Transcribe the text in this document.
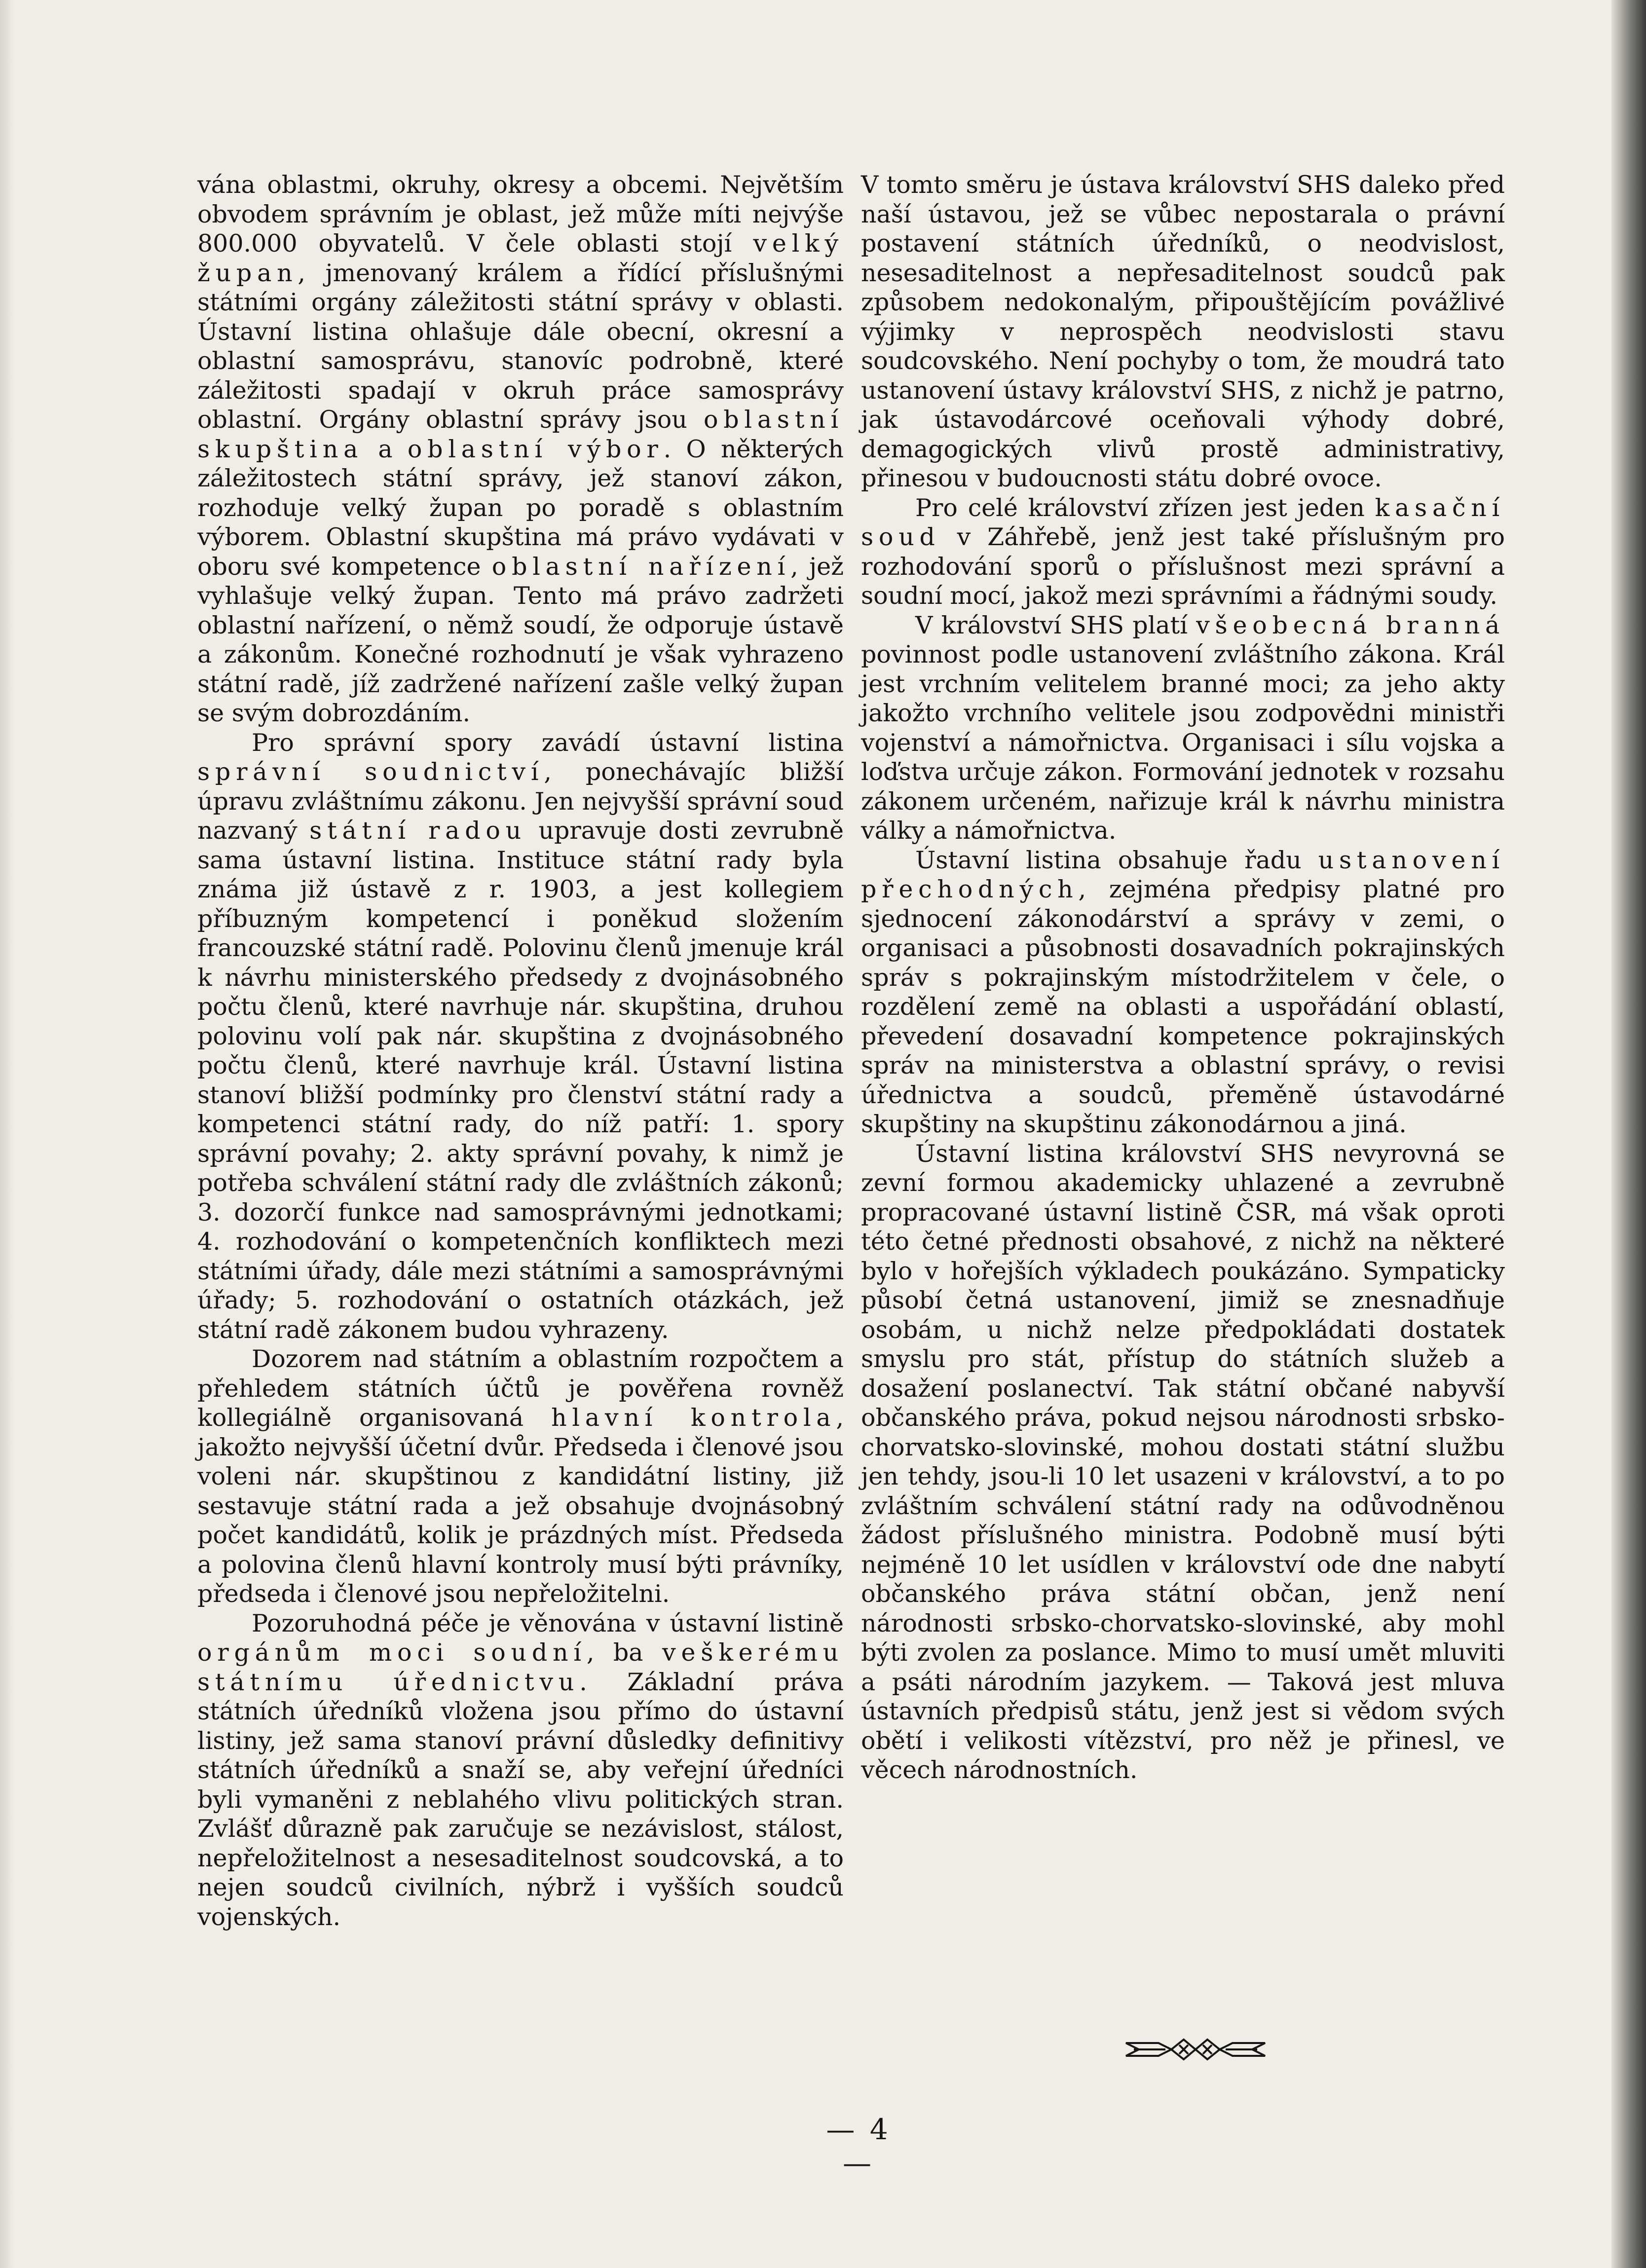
vána oblastmi, okruhy, okresy a obcemi. Největším obvodem správním je oblast, jež může míti nejvýše 800.000 obyvatelů. V čele oblasti stojí velký župan, jmenovaný králem a řídící příslušnými státními orgány záležitosti státní správy v oblasti. Ústavní listina ohlašuje dále obecní, okresní a oblastní samosprávu, stanovíc podrobně, které záležitosti spadají v okruh práce samosprávy oblastní. Orgány oblastní správy jsou oblastní skupština a oblastní výbor. O některých záležitostech státní správy, jež stanoví zákon, rozhoduje velký župan po poradě s oblastním výborem. Oblastní skupština má právo vydávati v oboru své kompetence oblastní nařízení, jež vyhlašuje velký župan. Tento má právo zadržeti oblastní nařízení, o němž soudí, že odporuje ústavě a zákonům. Konečné rozhodnutí je však vyhrazeno státní radě, jíž zadržené nařízení zašle velký župan se svým dobrozdáním.

Pro správní spory zavádí ústavní listina správní soudnictví, ponechávajíc bližší úpravu zvláštnímu zákonu. Jen nejvyšší správní soud nazvaný státní radou upravuje dosti zevrubně sama ústavní listina. Instituce státní rady byla známa již ústavě z r. 1903, a jest kollegiem příbuzným kompetencí i poněkud složením francouzské státní radě. Polovinu členů jmenuje král k návrhu ministerského předsedy z dvojnásobného počtu členů, které navrhuje nár. skupština, druhou polovinu volí pak nár. skupština z dvojnásobného počtu členů, které navrhuje král. Ústavní listina stanoví bližší podmínky pro členství státní rady a kompetenci státní rady, do níž patří: 1. spory správní povahy; 2. akty správní povahy, k nimž je potřeba schválení státní rady dle zvláštních zákonů; 3. dozorčí funkce nad samosprávnými jednotkami; 4. rozhodování o kompetenčních konfliktech mezi státními úřady, dále mezi státními a samosprávnými úřady; 5. rozhodování o ostatních otázkách, jež státní radě zákonem budou vyhrazeny.

Dozorem nad státním a oblastním rozpočtem a přehledem státních účtů je pověřena rovněž kollegiálně organisovaná hlavní kontrola, jakožto nejvyšší účetní dvůr. Předseda i členové jsou voleni nár. skupštinou z kandidátní listiny, již sestavuje státní rada a jež obsahuje dvojnásobný počet kandidátů, kolik je prázdných míst. Předseda a polovina členů hlavní kontroly musí býti právníky, předseda i členové jsou nepřeložitelni.

Pozoruhodná péče je věnována v ústavní listině orgánům moci soudní, ba veškerému státnímu úřednictvu. Základní práva státních úředníků vložena jsou přímo do ústavní listiny, jež sama stanoví právní důsledky definitivy státních úředníků a snaží se, aby veřejní úředníci byli vymaněni z neblahého vlivu politických stran. Zvlášť důrazně pak zaručuje se nezávislost, stálost, nepřeložitelnost a nesesaditelnost soudcovská, a to nejen soudců civilních, nýbrž i vyšších soudců vojenských.

V tomto směru je ústava království SHS daleko před naší ústavou, jež se vůbec nepostarala o právní postavení státních úředníků, o neodvislost, nesesaditelnost a nepřesaditelnost soudců pak způsobem nedokonalým, připouštějícím povážlivé výjimky v neprospěch neodvislosti stavu soudcovského. Není pochyby o tom, že moudrá tato ustanovení ústavy království SHS, z nichž je patrno, jak ústavodárcové oceňovali výhody dobré, demagogických vlivů prostě administrativy, přinesou v budoucnosti státu dobré ovoce.

Pro celé království zřízen jest jeden kasační soud v Záhřebě, jenž jest také příslušným pro rozhodování sporů o příslušnost mezi správní a soudní mocí, jakož mezi správními a řádnými soudy.

V království SHS platí všeobecná branná povinnost podle ustanovení zvláštního zákona. Král jest vrchním velitelem branné moci; za jeho akty jakožto vrchního velitele jsou zodpovědni ministři vojenství a námořnictva. Organisaci i sílu vojska a loďstva určuje zákon. Formování jednotek v rozsahu zákonem určeném, nařizuje král k návrhu ministra války a námořnictva.

Ústavní listina obsahuje řadu ustanovení přechodných, zejména předpisy platné pro sjednocení zákonodárství a správy v zemi, o organisaci a působnosti dosavadních pokrajinských správ s pokrajinským místodržitelem v čele, o rozdělení země na oblasti a uspořádání oblastí, převedení dosavadní kompetence pokrajinských správ na ministerstva a oblastní správy, o revisi úřednictva a soudců, přeměně ústavodárné skupštiny na skupštinu zákonodárnou a jiná.

Ústavní listina království SHS nevyrovná se zevní formou akademicky uhlazené a zevrubně propracované ústavní listině ČSR, má však oproti této četné přednosti obsahové, z nichž na některé bylo v hořejších výkladech poukázáno. Sympaticky působí četná ustanovení, jimiž se znesnadňuje osobám, u nichž nelze předpokládati dostatek smyslu pro stát, přístup do státních služeb a dosažení poslanectví. Tak státní občané nabyvší občanského práva, pokud nejsou národnosti srbsko-chorvatsko-slovinské, mohou dostati státní službu jen tehdy, jsou-li 10 let usazeni v království, a to po zvláštním schválení státní rady na odůvodněnou žádost příslušného ministra. Podobně musí býti nejméně 10 let usídlen v království ode dne nabytí občanského práva státní občan, jenž není národnosti srbsko-chorvatsko-slovinské, aby mohl býti zvolen za poslance. Mimo to musí umět mluviti a psáti národním jazykem. — Taková jest mluva ústavních předpisů státu, jenž jest si vědom svých obětí i velikosti vítězství, pro něž je přinesl, ve věcech národnostních.

— 4 —
